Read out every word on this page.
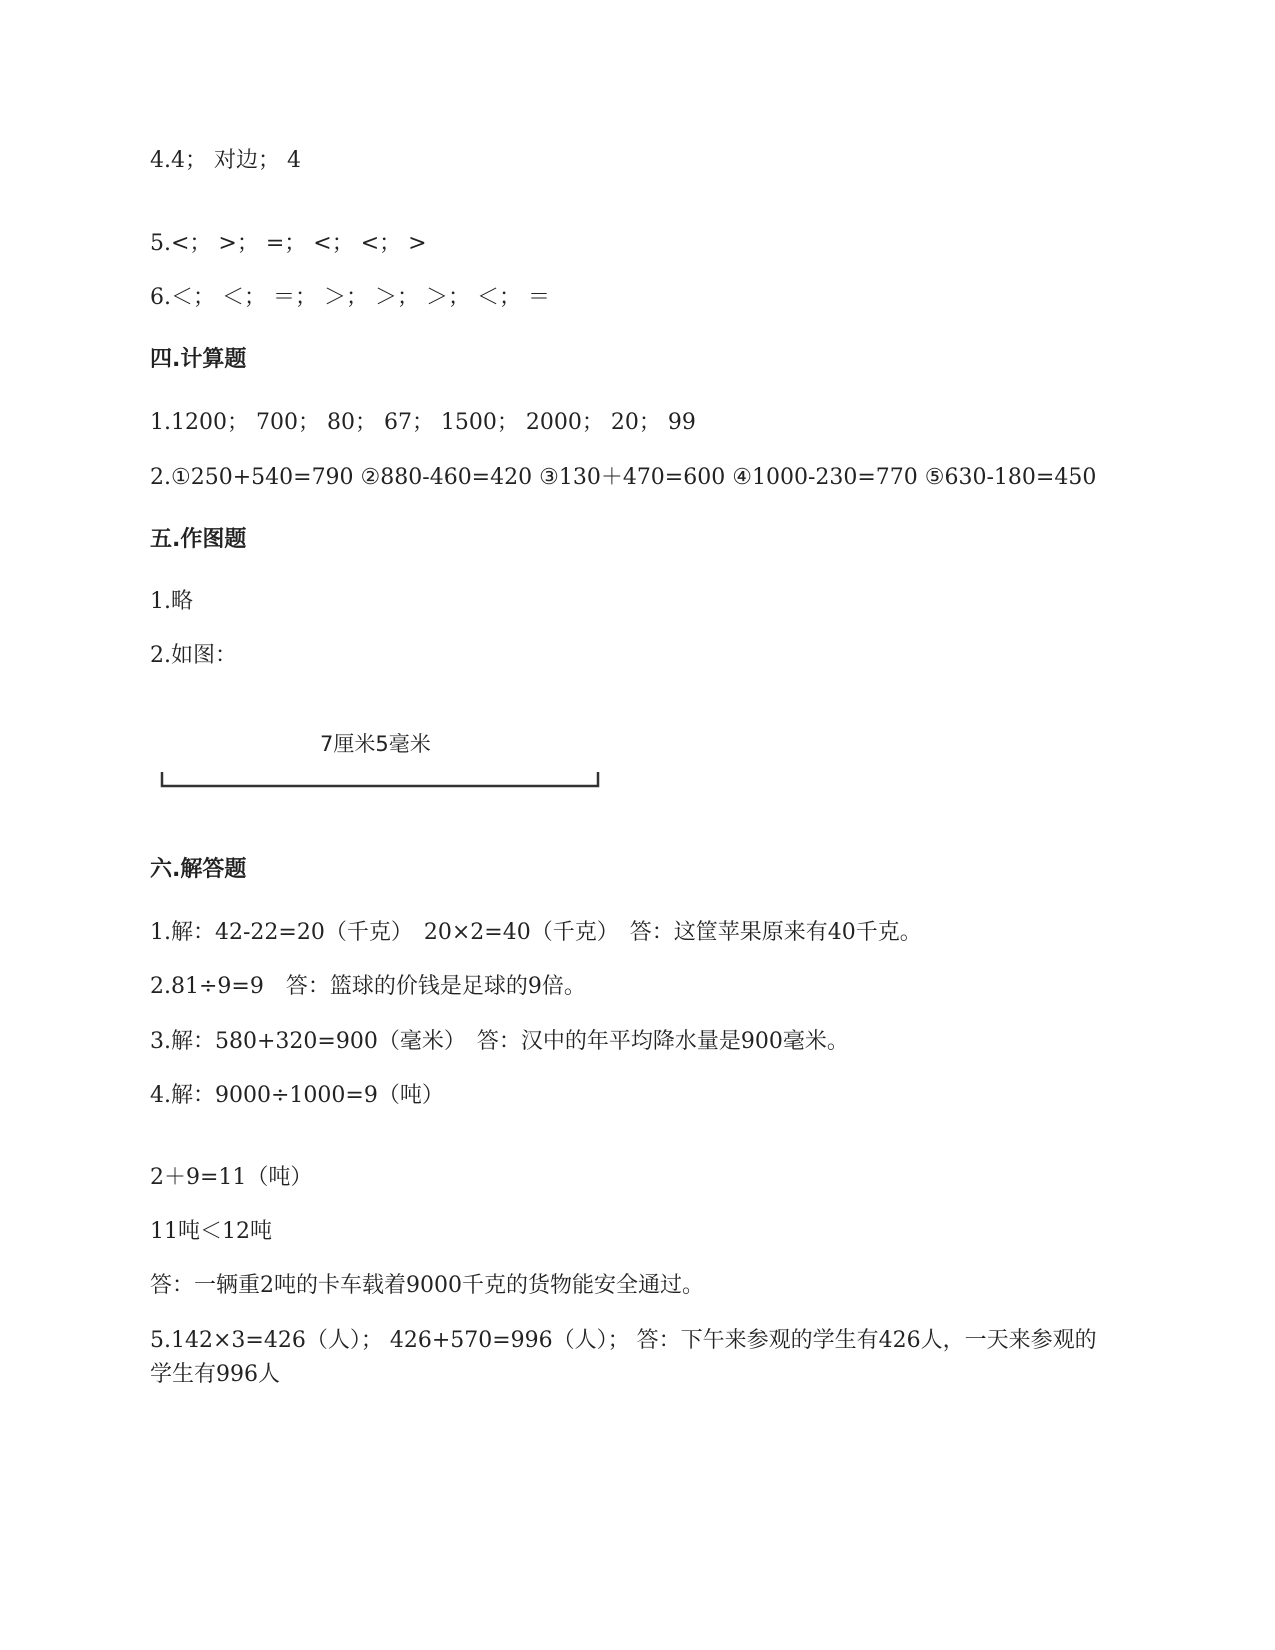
4.4； 对边； 4
5.<； >； =； <； <； >
6.＜； ＜； ＝； ＞； ＞； ＞； ＜； ＝
四.计算题
1.1200； 700； 80； 67； 1500； 2000； 20； 99
2.①250+540=790 ②880-460=420 ③130＋470=600 ④1000-230=770 ⑤630-180=450
五.作图题
1.略
2.如图：
7厘米5毫米
六.解答题
1.解：42-22=20（千克）　20×2=40（千克）　答：这筐苹果原来有40千克。
2.81÷9=9　答：篮球的价钱是足球的9倍。
3.解：580+320=900（毫米）　答：汉中的年平均降水量是900毫米。
4.解：9000÷1000=9（吨）
2＋9=11（吨）
11吨＜12吨
答：一辆重2吨的卡车载着9000千克的货物能安全通过。
5.142×3=426（人）； 426+570=996（人）； 答：下午来参观的学生有426人，一天来参观的学生有996人
